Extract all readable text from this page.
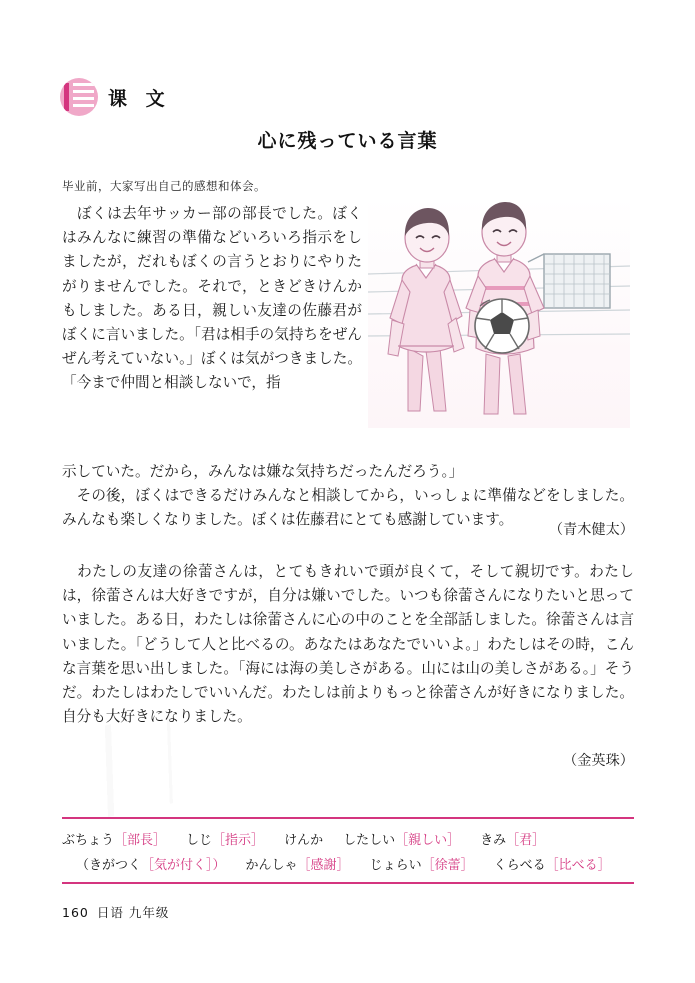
课 文
心に残っている言葉
毕业前，大家写出自己的感想和体会。
　ぼくは去年サッカー部の部長でした。ぼくはみんなに練習の準備などいろいろ指示をしましたが，だれもぼくの言うとおりにやりたがりませんでした。それで，ときどきけんかもしました。ある日，親しい友達の佐藤君がぼくに言いました。「君は相手の気持ちをぜんぜん考えていない。」ぼくは気がつきました。「今まで仲間と相談しないで，指
示していた。だから，みんなは嫌な気持ちだったんだろう。」
　その後，ぼくはできるだけみんなと相談してから，いっしょに準備などをしました。みんなも楽しくなりました。ぼくは佐藤君にとても感謝しています。
（青木健太）
　わたしの友達の徐蕾さんは，とてもきれいで頭が良くて，そして親切です。わたしは，徐蕾さんは大好きですが，自分は嫌いでした。いつも徐蕾さんになりたいと思っていました。ある日，わたしは徐蕾さんに心の中のことを全部話しました。徐蕾さんは言いました。「どうして人と比べるの。あなたはあなたでいいよ。」わたしはその時，こんな言葉を思い出しました。「海には海の美しさがある。山には山の美しさがある。」そうだ。わたしはわたしでいいんだ。わたしは前よりもっと徐蕾さんが好きになりました。自分も大好きになりました。
（金英珠）
ぶちょう［部長］ しじ［指示］ けんか したしい［親しい］ きみ［君］
（きがつく［気が付く］） かんしゃ［感謝］ じょらい［徐蕾］ くらべる［比べる］
160 日语 九年级
